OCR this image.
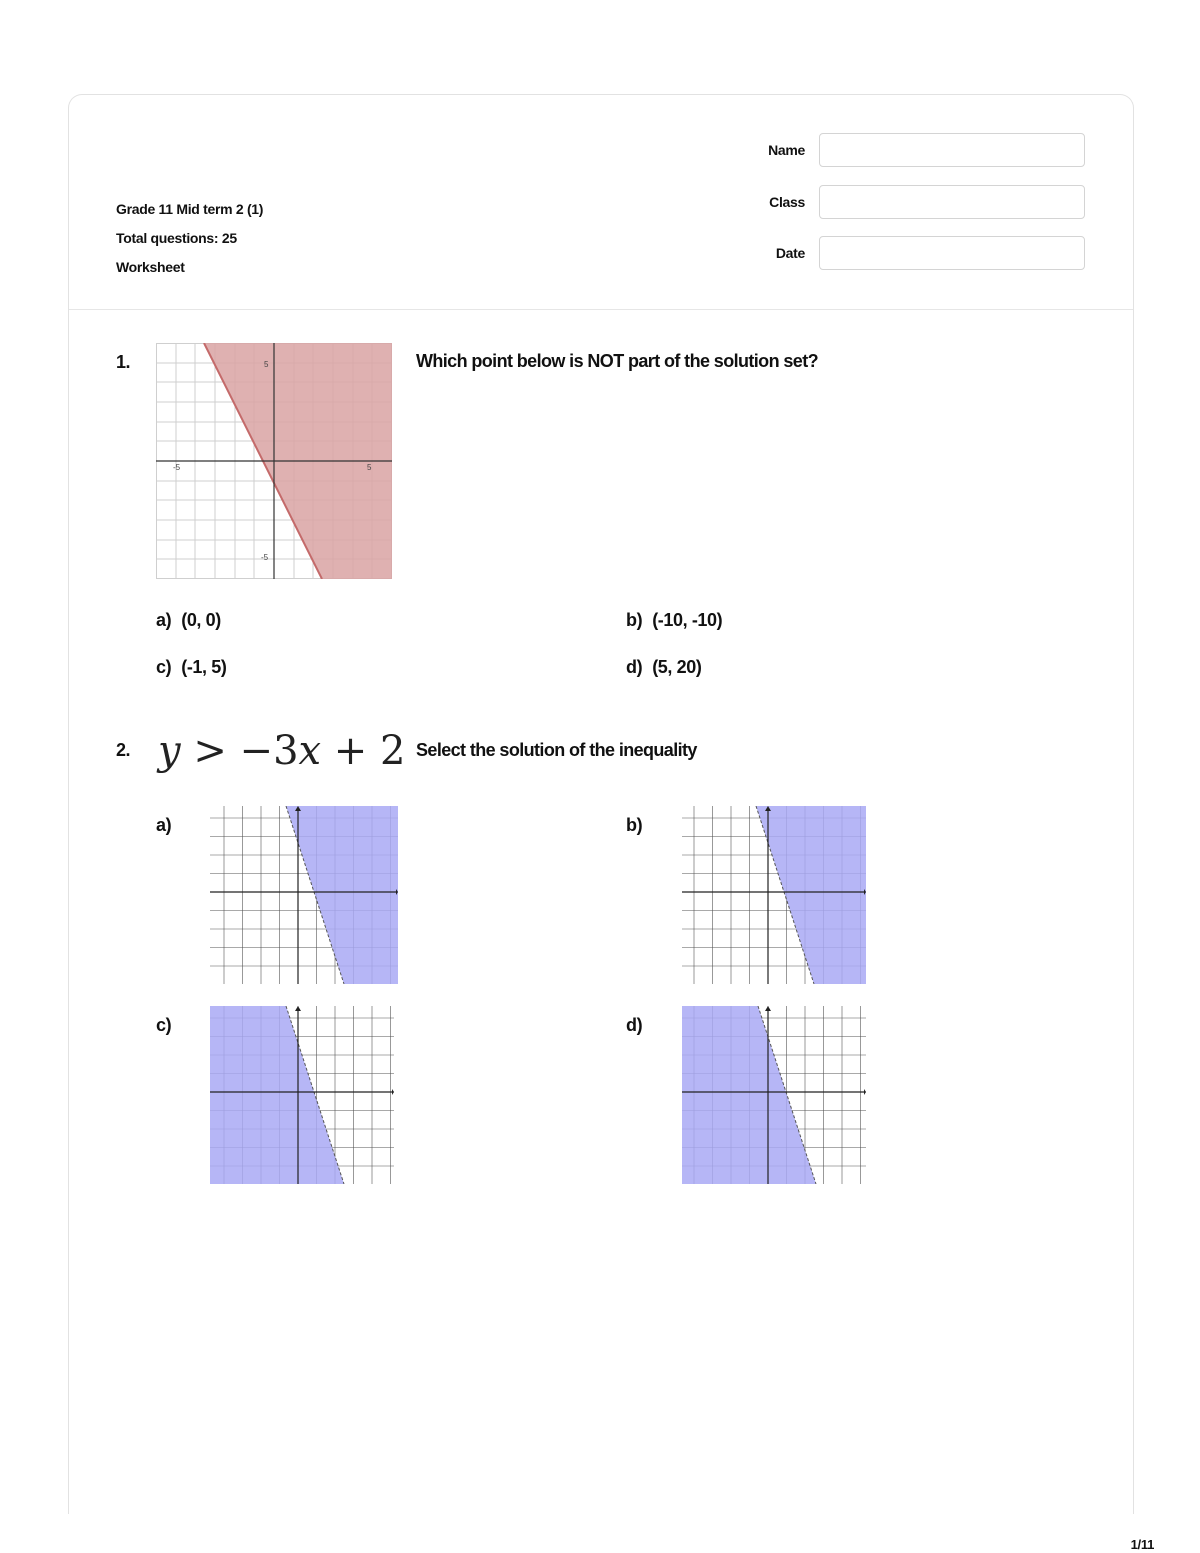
Grade 11 Mid term 2 (1)
Total questions: 25
Worksheet
Name
Class
Date
1.	Which point below is NOT part of the solution set?
-5	5
5
-5
a) (0, 0)	b) (-10, -10)
c) (-1, 5)	d) (5, 20)
2. y > −3x + 2 Select the solution of the inequality
a)	b)
c)	d)
1/11
